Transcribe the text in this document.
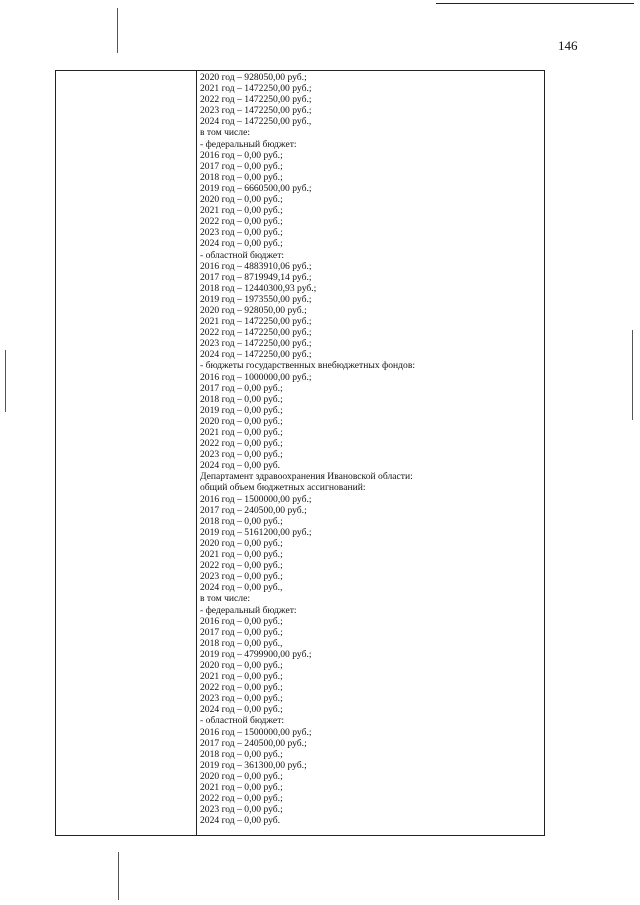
146
2020 год – 928050,00 руб.;
2021 год – 1472250,00 руб.;
2022 год – 1472250,00 руб.;
2023 год – 1472250,00 руб.;
2024 год – 1472250,00 руб.,
в том числе:
- федеральный бюджет:
2016 год – 0,00 руб.;
2017 год – 0,00 руб.;
2018 год – 0,00 руб.;
2019 год – 6660500,00 руб.;
2020 год – 0,00 руб.;
2021 год – 0,00 руб.;
2022 год – 0,00 руб.;
2023 год – 0,00 руб.;
2024 год – 0,00 руб.;
- областной бюджет:
2016 год – 4883910,06 руб.;
2017 год – 8719949,14 руб.;
2018 год – 12440300,93 руб.;
2019 год – 1973550,00 руб.;
2020 год – 928050,00 руб.;
2021 год – 1472250,00 руб.;
2022 год – 1472250,00 руб.;
2023 год – 1472250,00 руб.;
2024 год – 1472250,00 руб.;
- бюджеты государственных внебюджетных фондов:
2016 год – 1000000,00 руб.;
2017 год – 0,00 руб.;
2018 год – 0,00 руб.;
2019 год – 0,00 руб.;
2020 год – 0,00 руб.;
2021 год – 0,00 руб.;
2022 год – 0,00 руб.;
2023 год – 0,00 руб.;
2024 год – 0,00 руб.
Департамент здравоохранения Ивановской области:
общий объем бюджетных ассигнований:
2016 год – 1500000,00 руб.;
2017 год – 240500,00 руб.;
2018 год – 0,00 руб.;
2019 год – 5161200,00 руб.;
2020 год – 0,00 руб.;
2021 год – 0,00 руб.;
2022 год – 0,00 руб.;
2023 год – 0,00 руб.;
2024 год – 0,00 руб.,
в том числе:
- федеральный бюджет:
2016 год – 0,00 руб.;
2017 год – 0,00 руб.;
2018 год – 0,00 руб.,
2019 год – 4799900,00 руб.;
2020 год – 0,00 руб.;
2021 год – 0,00 руб.;
2022 год – 0,00 руб.;
2023 год – 0,00 руб.;
2024 год – 0,00 руб.;
- областной бюджет:
2016 год – 1500000,00 руб.;
2017 год – 240500,00 руб.;
2018 год – 0,00 руб.;
2019 год – 361300,00 руб.;
2020 год – 0,00 руб.;
2021 год – 0,00 руб.;
2022 год – 0,00 руб.;
2023 год – 0,00 руб.;
2024 год – 0,00 руб.
